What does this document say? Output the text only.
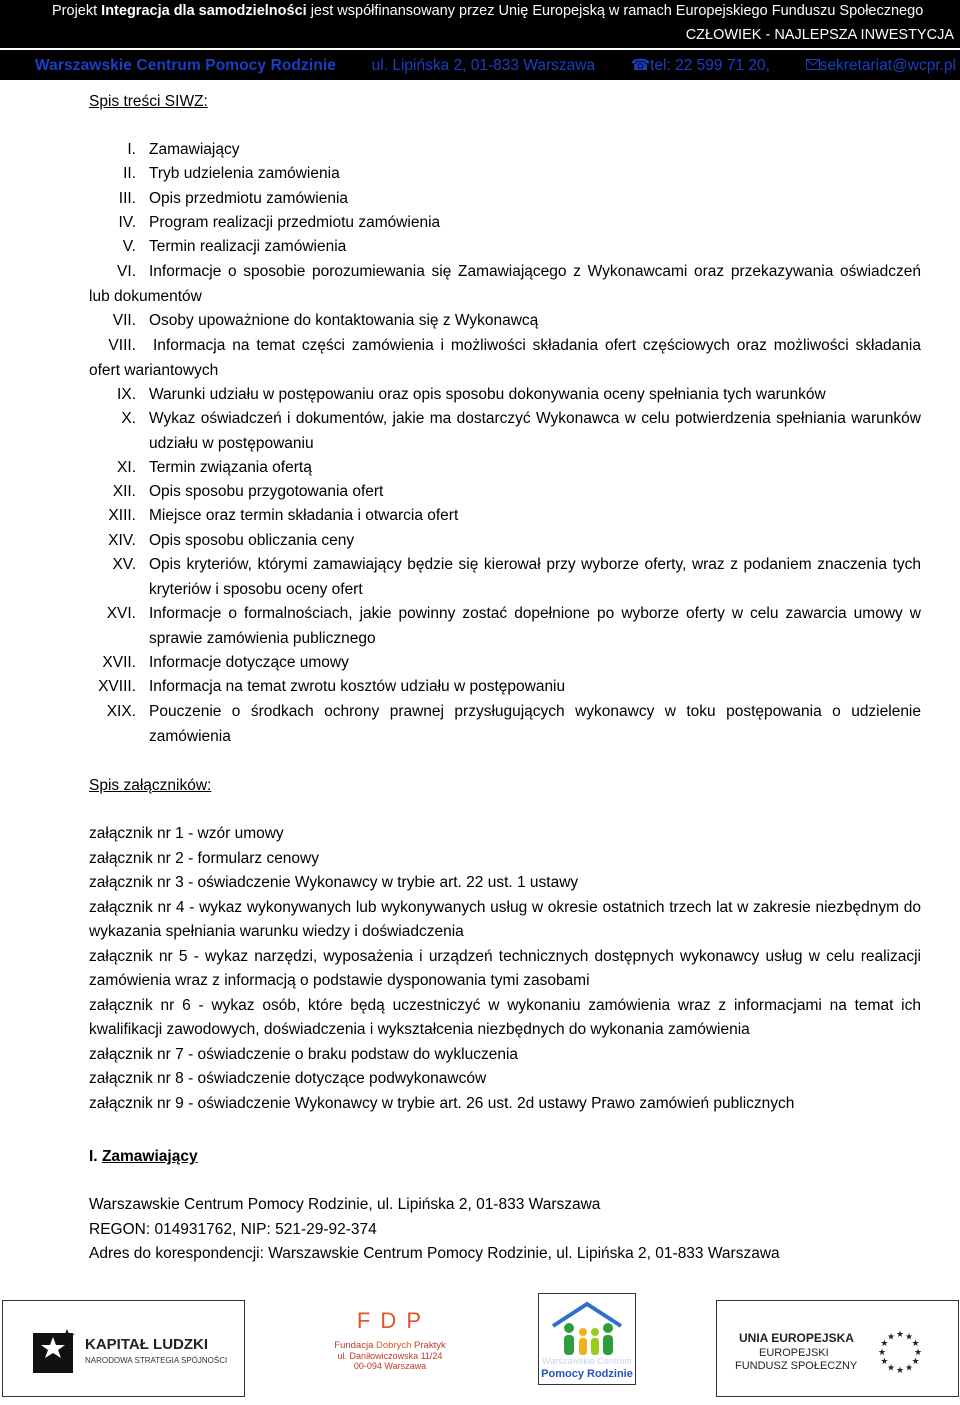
Projekt Integracja dla samodzielności jest współfinansowany przez Unię Europejską w ramach Europejskiego Funduszu Społecznego
CZŁOWIEK - NAJLEPSZA INWESTYCJA
Warszawskie Centrum Pomocy Rodzinie ul. Lipińska 2, 01-833 Warszawa ☎tel: 22 599 71 20,	sekretariat@wcpr.pl
Spis treści SIWZ:
I. Zamawiający
II. Tryb udzielenia zamówienia
III. Opis przedmiotu zamówienia
IV. Program realizacji przedmiotu zamówienia
V. Termin realizacji zamówienia
VI. Informacje o sposobie porozumiewania się Zamawiającego z Wykonawcami oraz przekazywania oświadczeń lub dokumentów
VII. Osoby upoważnione do kontaktowania się z Wykonawcą
VIII.	Informacja na temat części zamówienia i możliwości składania ofert częściowych oraz możliwości składania ofert wariantowych
IX. Warunki udziału w postępowaniu oraz opis sposobu dokonywania oceny spełniania tych warunków
X. Wykaz oświadczeń i dokumentów, jakie ma dostarczyć Wykonawca w celu potwierdzenia spełniania warunków udziału w postępowaniu
XI. Termin związania ofertą
XII. Opis sposobu przygotowania ofert
XIII. Miejsce oraz termin składania i otwarcia ofert
XIV. Opis sposobu obliczania ceny
XV. Opis kryteriów, którymi zamawiający będzie się kierował przy wyborze oferty, wraz z podaniem znaczenia tych kryteriów i sposobu oceny ofert
XVI. Informacje o formalnościach, jakie powinny zostać dopełnione po wyborze oferty w celu zawarcia umowy w sprawie zamówienia publicznego
XVII. Informacje dotyczące umowy
XVIII. Informacja na temat zwrotu kosztów udziału w postępowaniu
XIX. Pouczenie o środkach ochrony prawnej przysługujących wykonawcy w toku postępowania o udzielenie zamówienia
Spis załączników:
załącznik nr 1 - wzór umowy
załącznik nr 2 - formularz cenowy
załącznik nr 3 - oświadczenie Wykonawcy w trybie art. 22 ust. 1 ustawy
załącznik nr 4 - wykaz wykonywanych lub wykonywanych usług w okresie ostatnich trzech lat w zakresie niezbędnym do wykazania spełniania warunku wiedzy i doświadczenia
załącznik nr 5 - wykaz narzędzi, wyposażenia i urządzeń technicznych dostępnych wykonawcy usług w celu realizacji zamówienia wraz z informacją o podstawie dysponowania tymi zasobami
załącznik nr 6 - wykaz osób, które będą uczestniczyć w wykonaniu zamówienia wraz z informacjami na temat ich kwalifikacji zawodowych, doświadczenia i wykształcenia niezbędnych do wykonania zamówienia
załącznik nr 7 - oświadczenie o braku podstaw do wykluczenia
załącznik nr 8 - oświadczenie dotyczące podwykonawców
załącznik nr 9 - oświadczenie Wykonawcy w trybie art. 26 ust. 2d ustawy Prawo zamówień publicznych
I. Zamawiający
Warszawskie Centrum Pomocy Rodzinie, ul. Lipińska 2, 01-833 Warszawa
REGON: 014931762, NIP: 521-29-92-374
Adres do korespondencji: Warszawskie Centrum Pomocy Rodzinie, ul. Lipińska 2, 01-833 Warszawa
KAPITAŁ LUDZKI
NARODOWA STRATEGIA SPÓJNOŚCI
F D P
Fundacja Dobrych Praktyk
ul. Daniłowiczowska 11/24
00-094 Warszawa	Warszawskie Centrum
Pomocy Rodzinie
UNIA EUROPEJSKA
EUROPEJSKI
FUNDUSZ SPOŁECZNY
★
★
★
★
★
★
★
★
★ ★ ★
★
